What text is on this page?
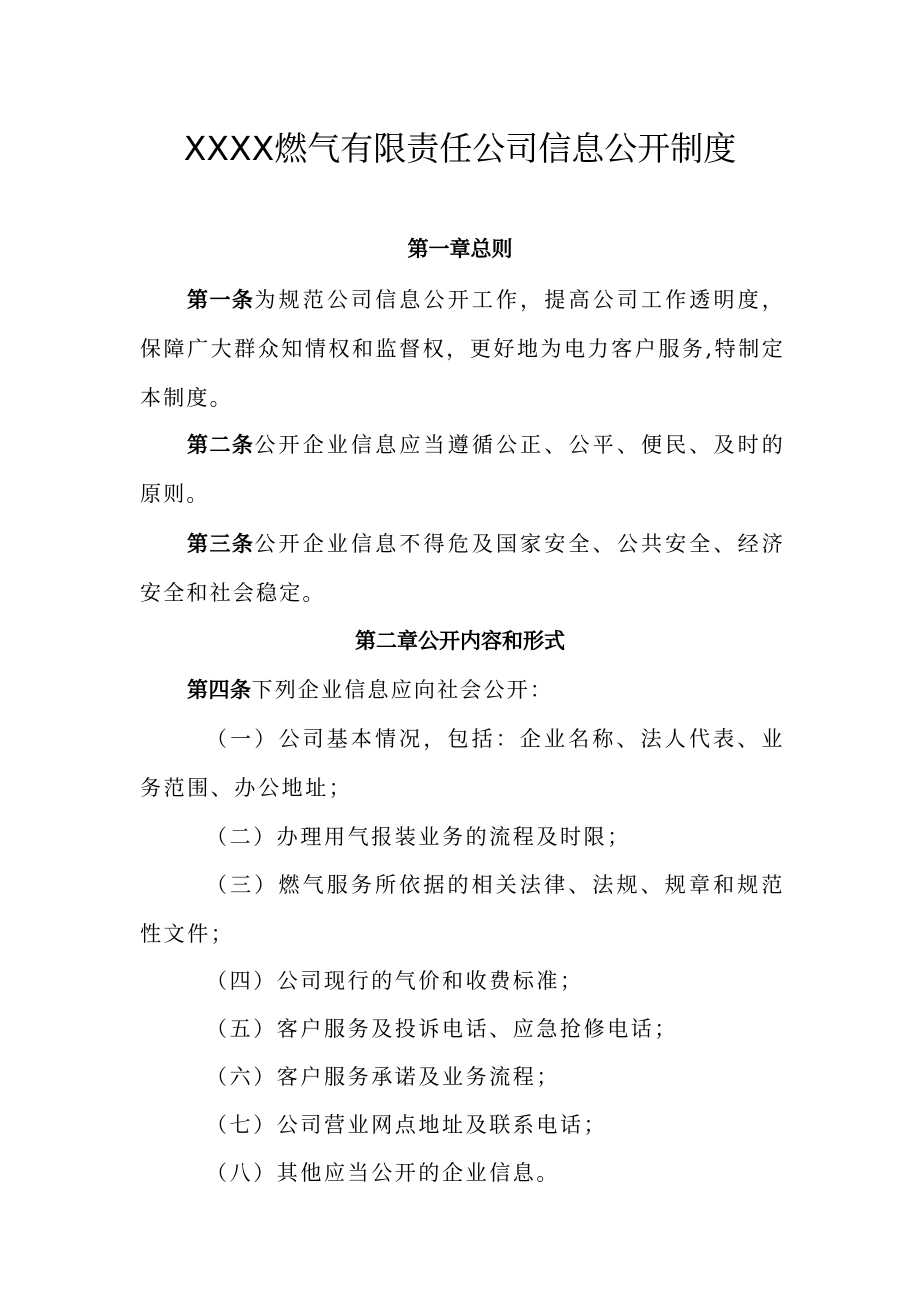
XXXX燃气有限责任公司信息公开制度
第一章总则
第一条为规范公司信息公开工作，提高公司工作透明度，保障广大群众知情权和监督权，更好地为电力客户服务,特制定本制度。
第二条公开企业信息应当遵循公正、公平、便民、及时的原则。
第三条公开企业信息不得危及国家安全、公共安全、经济安全和社会稳定。
第二章公开内容和形式
第四条下列企业信息应向社会公开：
（一）公司基本情况，包括：企业名称、法人代表、业务范围、办公地址；
（二）办理用气报装业务的流程及时限；
（三）燃气服务所依据的相关法律、法规、规章和规范性文件；
（四）公司现行的气价和收费标准；
（五）客户服务及投诉电话、应急抢修电话；
（六）客户服务承诺及业务流程；
（七）公司营业网点地址及联系电话；
（八）其他应当公开的企业信息。
